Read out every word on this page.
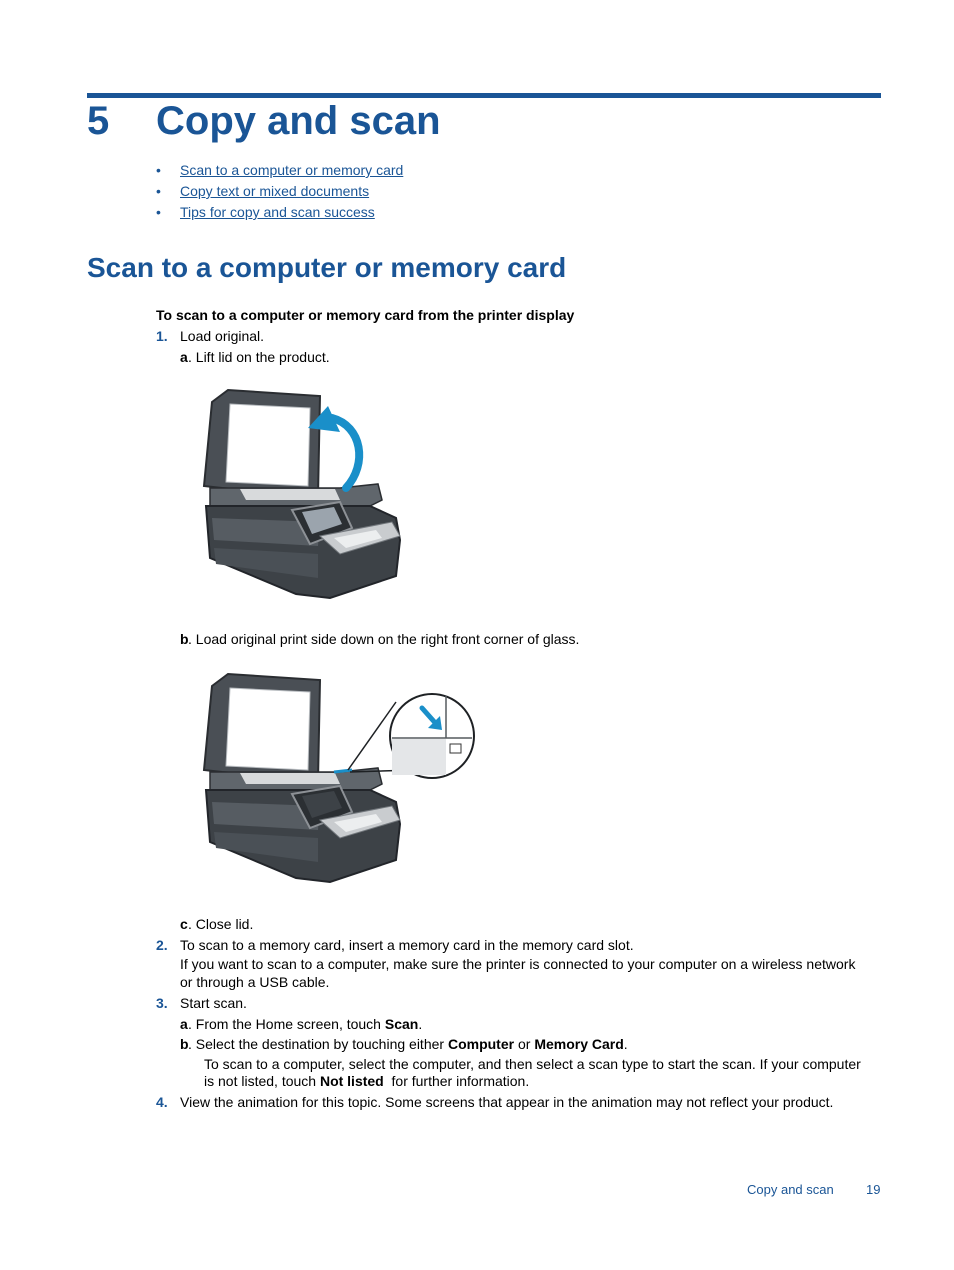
5 Copy and scan
• Scan to a computer or memory card
• Copy text or mixed documents
• Tips for copy and scan success
Scan to a computer or memory card
To scan to a computer or memory card from the printer display
1. Load original.
a . Lift lid on the product.
b . Load original print side down on the right front corner of glass.
c . Close lid.
2. To scan to a memory card, insert a memory card in the memory card slot.
If you want to scan to a computer, make sure the printer is connected to your computer on a wireless network
or through a USB cable.
3. Start scan.
a . From the Home screen, touch Scan.
b . Select the destination by touching either Computer or Memory Card.
To scan to a computer, select the computer, and then select a scan type to start the scan. If your computer
is not listed, touch Not listed  for further information.
4. View the animation for this topic. Some screens that appear in the animation may not reflect your product.
Copy and scan 19
